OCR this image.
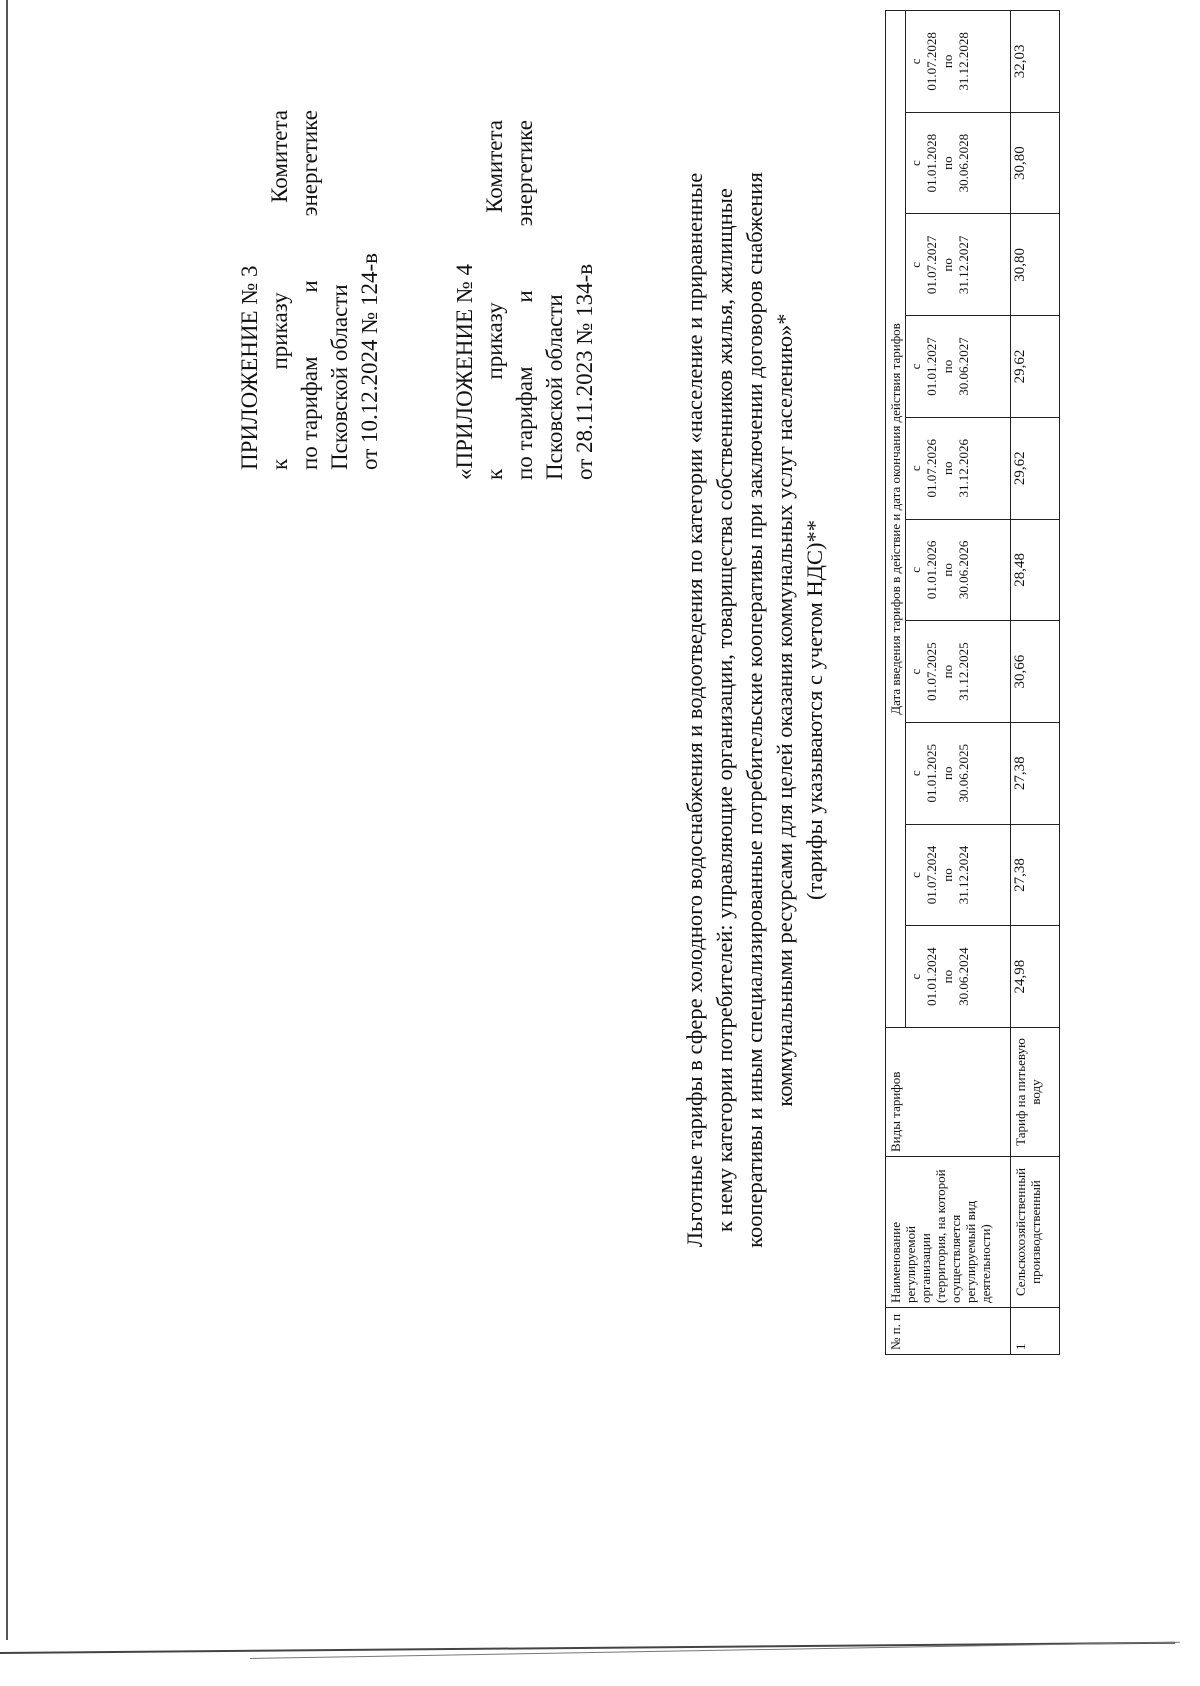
ПРИЛОЖЕНИЕ № 3 к
приказу
Комитета
по тарифам
и
энергетике
Псковской области от 10.12.2024 № 124-в	«ПРИЛОЖЕНИЕ № 4 к
приказу
Комитета
по тарифам
и
энергетике
Псковской области от 28.11.2023 № 134-в	Льготные тарифы в сфере холодного водоснабжения и водоотведения по категории «население и приравненные к нему категории потребителей: управляющие организации, товарищества собственников жилья, жилищные кооперативы и иным специализированные потребительские кооперативы при заключении договоров снабжения коммунальными ресурсами для целей оказания коммунальных услуг населению»* (тарифы указываются с учетом НДС)**

№ п. п	Наименование регулируемой организации (территория, на которой осуществляется регулируемый вид деятельности)	Виды тарифов	Дата введения тарифов в действие и дата окончания действия тарифов									

			с 01.01.2024 по 30.06.2024	с 01.07.2024 по 31.12.2024	с 01.01.2025 по 30.06.2025	с 01.07.2025 по 31.12.2025	с 01.01.2026 по 30.06.2026	с 01.07.2026 по 31.12.2026	с 01.01.2027 по 30.06.2027	с 01.07.2027 по 31.12.2027	с 01.01.2028 по 30.06.2028	с 01.07.2028 по 31.12.2028

1	Сельскохозяйственный производственный	Тариф на питьевую воду	24,98	27,38	27,38	30,66	28,48	29,62	29,62	30,80	30,80	32,03
